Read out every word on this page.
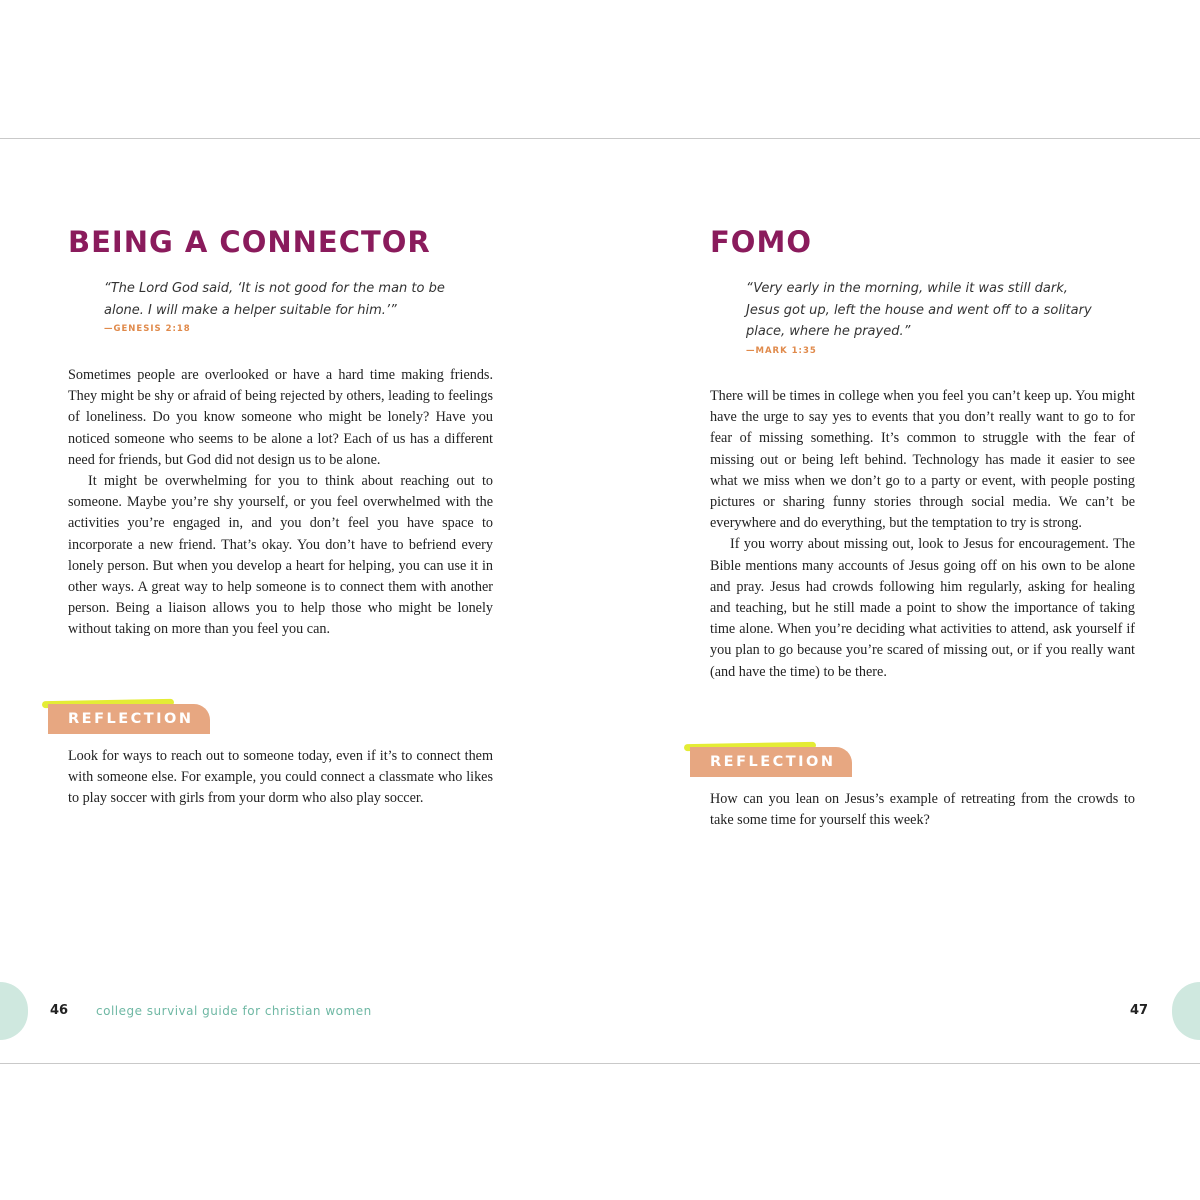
BEING A CONNECTOR

“The Lord God said, ‘It is not good for the man to be alone. I will make a helper suitable for him.’”

—GENESIS 2:18

Sometimes people are overlooked or have a hard time making friends. They might be shy or afraid of being rejected by others, leading to feelings of loneliness. Do you know someone who might be lonely? Have you noticed someone who seems to be alone a lot? Each of us has a different need for friends, but God did not design us to be alone.

It might be overwhelming for you to think about reaching out to someone. Maybe you’re shy yourself, or you feel overwhelmed with the activities you’re engaged in, and you don’t feel you have space to incorporate a new friend. That’s okay. You don’t have to befriend every lonely person. But when you develop a heart for helping, you can use it in other ways. A great way to help someone is to connect them with another person. Being a liaison allows you to help those who might be lonely without taking on more than you feel you can.

REFLECTION

Look for ways to reach out to someone today, even if it’s to connect them with someone else. For example, you could connect a classmate who likes to play soccer with girls from your dorm who also play soccer.

46 college survival guide for christian women
FOMO

“Very early in the morning, while it was still dark, Jesus got up, left the house and went off to a solitary place, where he prayed.”

—MARK 1:35

There will be times in college when you feel you can’t keep up. You might have the urge to say yes to events that you don’t really want to go to for fear of missing something. It’s common to struggle with the fear of missing out or being left behind. Technology has made it easier to see what we miss when we don’t go to a party or event, with people posting pictures or sharing funny stories through social media. We can’t be everywhere and do everything, but the temptation to try is strong.

If you worry about missing out, look to Jesus for encouragement. The Bible mentions many accounts of Jesus going off on his own to be alone and pray. Jesus had crowds following him regularly, asking for healing and teaching, but he still made a point to show the importance of taking time alone. When you’re deciding what activities to attend, ask yourself if you plan to go because you’re scared of missing out, or if you really want (and have the time) to be there.

REFLECTION

How can you lean on Jesus’s example of retreating from the crowds to take some time for yourself this week?

47
